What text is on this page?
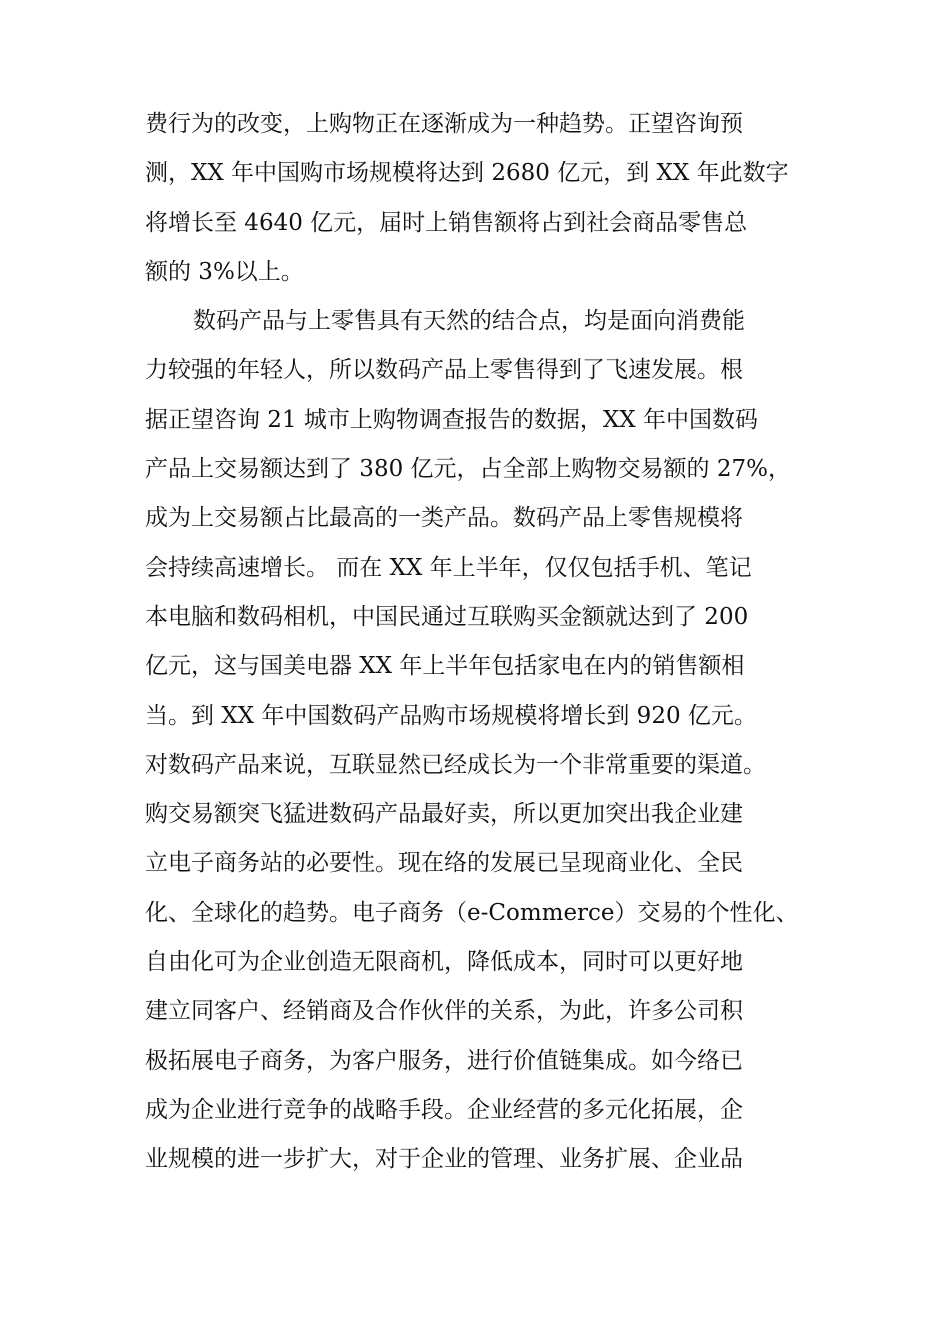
费行为的改变，上购物正在逐渐成为一种趋势。正望咨询预
测，XX 年中国购市场规模将达到 2680 亿元，到 XX 年此数字
将增长至 4640 亿元，届时上销售额将占到社会商品零售总
额的 3%以上。
数码产品与上零售具有天然的结合点，均是面向消费能
力较强的年轻人，所以数码产品上零售得到了飞速发展。根
据正望咨询 21 城市上购物调查报告的数据，XX 年中国数码
产品上交易额达到了 380 亿元，占全部上购物交易额的 27%，
成为上交易额占比最高的一类产品。数码产品上零售规模将
会持续高速增长。 而在 XX 年上半年，仅仅包括手机、笔记
本电脑和数码相机，中国民通过互联购买金额就达到了 200
亿元，这与国美电器 XX 年上半年包括家电在内的销售额相
当。到 XX 年中国数码产品购市场规模将增长到 920 亿元。
对数码产品来说，互联显然已经成长为一个非常重要的渠道。
购交易额突飞猛进数码产品最好卖，所以更加突出我企业建
立电子商务站的必要性。现在络的发展已呈现商业化、全民
化、全球化的趋势。电子商务（e-Commerce）交易的个性化、
自由化可为企业创造无限商机，降低成本，同时可以更好地
建立同客户、经销商及合作伙伴的关系，为此，许多公司积
极拓展电子商务，为客户服务，进行价值链集成。如今络已
成为企业进行竞争的战略手段。企业经营的多元化拓展，企
业规模的进一步扩大，对于企业的管理、业务扩展、企业品
